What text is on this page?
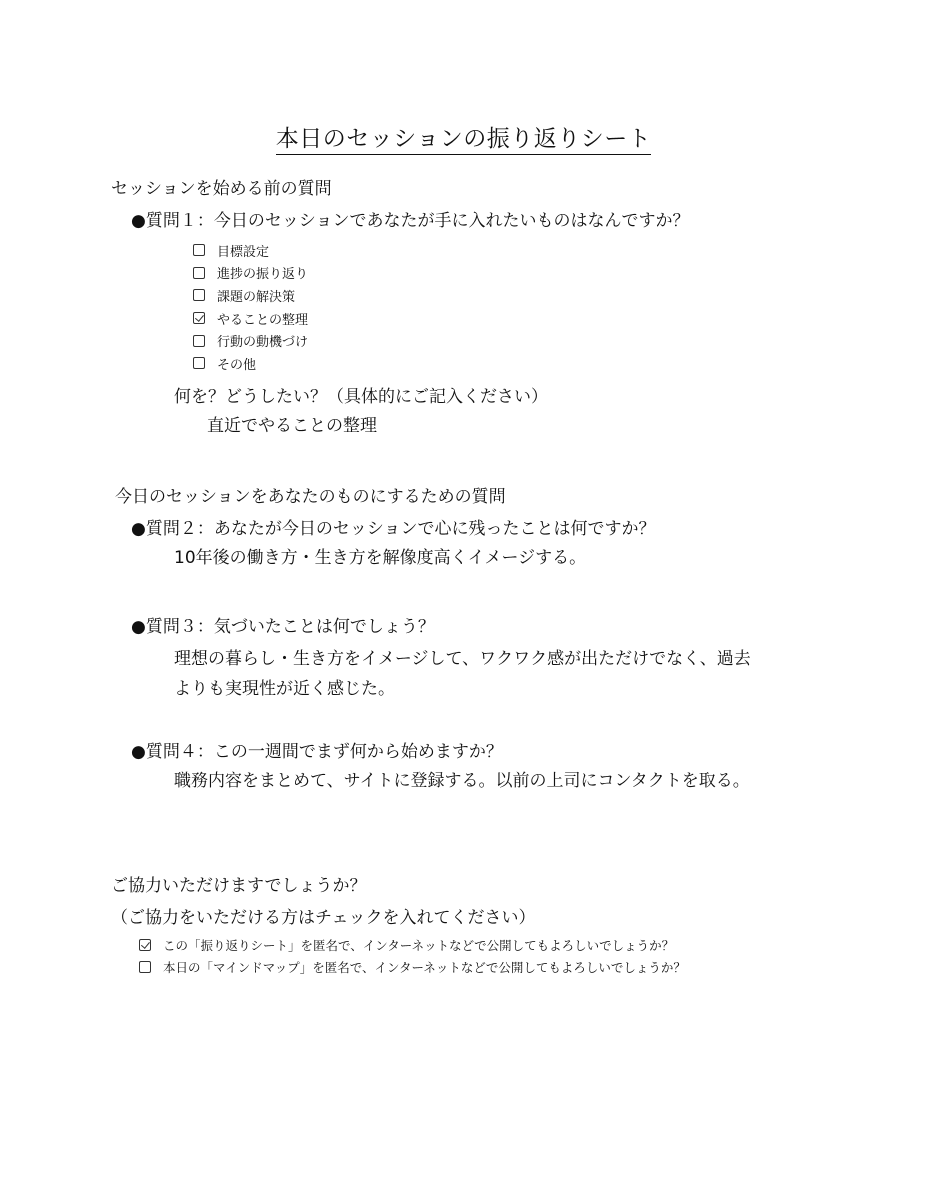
本日のセッションの振り返りシート
セッションを始める前の質問
●質問１：今日のセッションであなたが手に入れたいものはなんですか？
目標設定
進捗の振り返り
課題の解決策
やることの整理
行動の動機づけ
その他
何を？どうしたい？（具体的にご記入ください）
直近でやることの整理
今日のセッションをあなたのものにするための質問
●質問２：あなたが今日のセッションで心に残ったことは何ですか？
10年後の働き方・生き方を解像度高くイメージする。
●質問３：気づいたことは何でしょう？
理想の暮らし・生き方をイメージして、ワクワク感が出ただけでなく、過去
よりも実現性が近く感じた。
●質問４：この一週間でまず何から始めますか？
職務内容をまとめて、サイトに登録する。以前の上司にコンタクトを取る。
ご協力いただけますでしょうか？
（ご協力をいただける方はチェックを入れてください）
この「振り返りシート」を匿名で、インターネットなどで公開してもよろしいでしょうか？
本日の「マインドマップ」を匿名で、インターネットなどで公開してもよろしいでしょうか？
